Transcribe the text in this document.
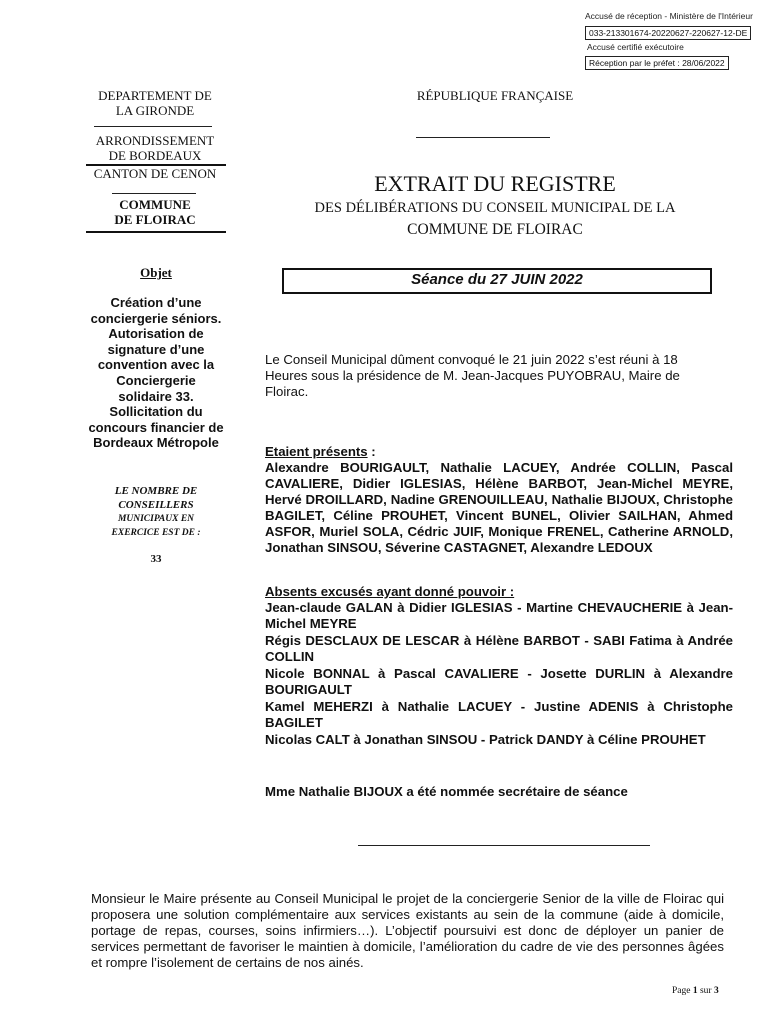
Accusé de réception - Ministère de l'Intérieur
033-213301674-20220627-220627-12-DE
Accusé certifié exécutoire
Réception par le préfet : 28/06/2022
DEPARTEMENT DE
LA GIRONDE
ARRONDISSEMENT
DE BORDEAUX
CANTON DE CENON
COMMUNE
DE FLOIRAC
Objet
Création d’une
conciergerie séniors.
Autorisation de
signature d’une
convention avec la
Conciergerie
solidaire 33.
Sollicitation du
concours financier de
Bordeaux Métropole
LE NOMBRE DE
CONSEILLERS
MUNICIPAUX EN
EXERCICE EST DE :
33
RÉPUBLIQUE FRANÇAISE
EXTRAIT DU REGISTRE
DES DÉLIBÉRATIONS DU CONSEIL MUNICIPAL DE LA
COMMUNE DE FLOIRAC
Séance du 27 JUIN 2022
Le Conseil Municipal dûment convoqué le 21 juin 2022 s’est réuni à 18 Heures sous la présidence de M. Jean-Jacques PUYOBRAU, Maire de Floirac.
Etaient présents :
Alexandre BOURIGAULT, Nathalie LACUEY, Andrée COLLIN, Pascal CAVALIERE, Didier IGLESIAS, Hélène BARBOT, Jean-Michel MEYRE, Hervé DROILLARD, Nadine GRENOUILLEAU, Nathalie BIJOUX, Christophe BAGILET, Céline PROUHET, Vincent BUNEL, Olivier SAILHAN, Ahmed ASFOR, Muriel SOLA, Cédric JUIF, Monique FRENEL, Catherine ARNOLD, Jonathan SINSOU, Séverine CASTAGNET, Alexandre LEDOUX
Absents excusés ayant donné pouvoir :
Jean-claude GALAN à Didier IGLESIAS - Martine CHEVAUCHERIE à Jean-Michel MEYRE
Régis DESCLAUX DE LESCAR à Hélène BARBOT - SABI Fatima à Andrée COLLIN
Nicole BONNAL à Pascal CAVALIERE - Josette DURLIN à Alexandre BOURIGAULT
Kamel MEHERZI à Nathalie LACUEY - Justine ADENIS à Christophe BAGILET
Nicolas CALT à Jonathan SINSOU - Patrick DANDY à Céline PROUHET
Mme Nathalie BIJOUX a été nommée secrétaire de séance
Monsieur le Maire présente au Conseil Municipal le projet de la conciergerie Senior de la ville de Floirac qui proposera une solution complémentaire aux services existants au sein de la commune (aide à domicile, portage de repas, courses, soins infirmiers…). L’objectif poursuivi est donc de déployer un panier de services permettant de favoriser le maintien à domicile, l’amélioration du cadre de vie des personnes âgées et rompre l’isolement de certains de nos ainés.
Page 1 sur 3
